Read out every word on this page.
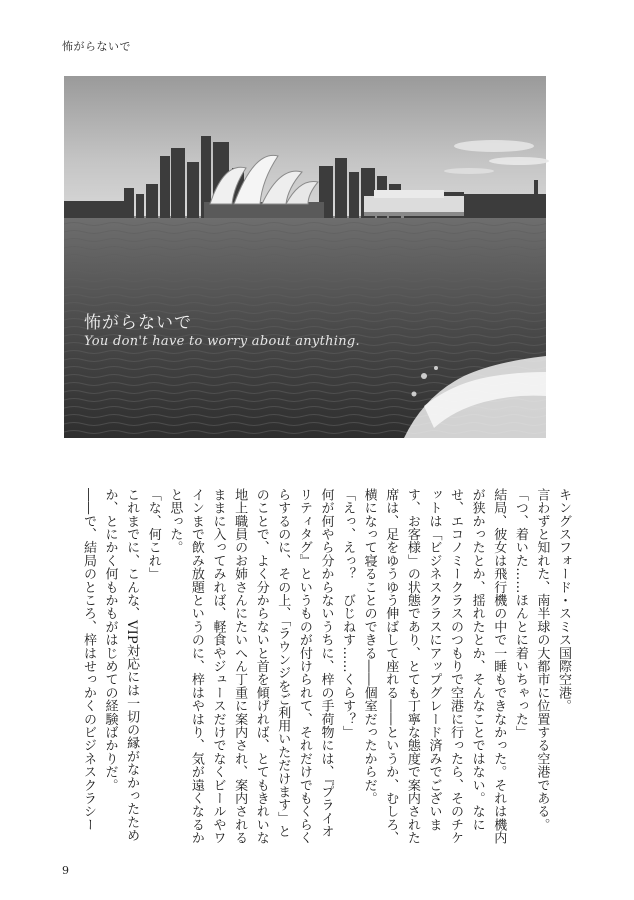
怖がらないで
怖がらないで
You don't have to worry about anything.

キングスフォード・スミス国際空港。

言わずと知れた、南半球の大都市に位置する空港である。

「つ、着いた……ほんとに着いちゃった」

結局、彼女は飛行機の中で一睡もできなかった。それは機内が狭かったとか、揺れたとか、そんなことではない。なにせ、エコノミークラスのつもりで空港に行ったら、そのチケットは「ビジネスクラスにアップグレード済みでございます、お客様」の状態であり、とても丁寧な態度で案内された席は、足をゆうゆう伸ばして座れる――というか、むしろ、横になって寝ることのできる――個室だったからだ。

「えっ、えっ？　びじねす……くらす？」

何が何やら分からないうちに、梓の手荷物には、『プライオリティタグ』というものが付けられて、それだけでもくらくらするのに、その上、「ラウンジをご利用いただけます」とのことで、よく分からないと首を傾げれば、とてもきれいな地上職員のお姉さんにたいへん丁重に案内され、案内されるままに入ってみれば、軽食やジュースだけでなくビールやワインまで飲み放題というのに、梓はやはり、気が遠くなるかと思った。

「な、何これ」

これまでに、こんな、VIP対応には一切の縁がなかったためか、とにかく何もかもがはじめての経験ばかりだ。

――で、結局のところ、梓はせっかくのビジネスクラシー

9
